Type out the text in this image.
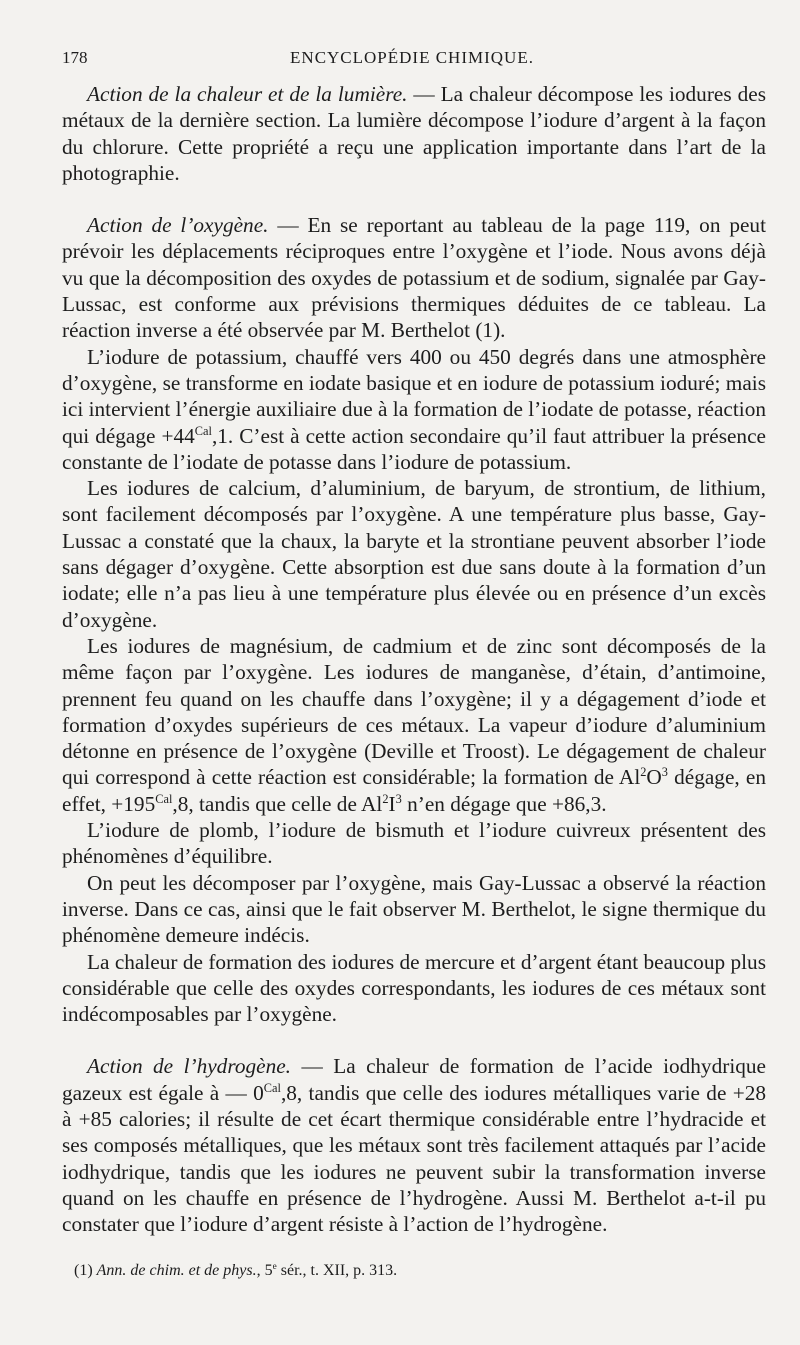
178	ENCYCLOPÉDIE CHIMIQUE.

Action de la chaleur et de la lumière. — La chaleur décompose les iodures des métaux de la dernière section. La lumière décompose l’iodure d’argent à la façon du chlorure. Cette propriété a reçu une application importante dans l’art de la photographie.

Action de l’oxygène. — En se reportant au tableau de la page 119, on peut prévoir les déplacements réciproques entre l’oxygène et l’iode. Nous avons déjà vu que la décomposition des oxydes de potassium et de sodium, signalée par Gay-Lussac, est conforme aux prévisions thermiques déduites de ce tableau. La réaction inverse a été observée par M. Berthelot (1).

L’iodure de potassium, chauffé vers 400 ou 450 degrés dans une atmosphère d’oxygène, se transforme en iodate basique et en iodure de potassium ioduré; mais ici intervient l’énergie auxiliaire due à la formation de l’iodate de potasse, réaction qui dégage $+44^{Cal},1$. C’est à cette action secondaire qu’il faut attribuer la présence constante de l’iodate de potasse dans l’iodure de potassium.

Les iodures de calcium, d’aluminium, de baryum, de strontium, de lithium, sont facilement décomposés par l’oxygène. A une température plus basse, Gay-Lussac a constaté que la chaux, la baryte et la strontiane peuvent absorber l’iode sans dégager d’oxygène. Cette absorption est due sans doute à la formation d’un iodate; elle n’a pas lieu à une température plus élevée ou en présence d’un excès d’oxygène.

Les iodures de magnésium, de cadmium et de zinc sont décomposés de la même façon par l’oxygène. Les iodures de manganèse, d’étain, d’antimoine, prennent feu quand on les chauffe dans l’oxygène; il y a dégagement d’iode et formation d’oxydes supérieurs de ces métaux. La vapeur d’iodure d’aluminium détonne en présence de l’oxygène (Deville et Troost). Le dégagement de chaleur qui correspond à cette réaction est considérable; la formation de $Al^2O^3$ dégage, en effet, $+195^{Cal},8$, tandis que celle de $Al^2I^3$ n’en dégage que +86,3.

L’iodure de plomb, l’iodure de bismuth et l’iodure cuivreux présentent des phénomènes d’équilibre.

On peut les décomposer par l’oxygène, mais Gay-Lussac a observé la réaction inverse. Dans ce cas, ainsi que le fait observer M. Berthelot, le signe thermique du phénomène demeure indécis.

La chaleur de formation des iodures de mercure et d’argent étant beaucoup plus considérable que celle des oxydes correspondants, les iodures de ces métaux sont indécomposables par l’oxygène.

Action de l’hydrogène. — La chaleur de formation de l’acide iodhydrique gazeux est égale à — $0^{Cal},8$, tandis que celle des iodures métalliques varie de +28 à +85 calories; il résulte de cet écart thermique considérable entre l’hydracide et ses composés métalliques, que les métaux sont très facilement attaqués par l’acide iodhydrique, tandis que les iodures ne peuvent subir la transformation inverse quand on les chauffe en présence de l’hydrogène. Aussi M. Berthelot a-t-il pu constater que l’iodure d’argent résiste à l’action de l’hydrogène.

(1) Ann. de chim. et de phys., 5e sér., t. XII, p. 313.
